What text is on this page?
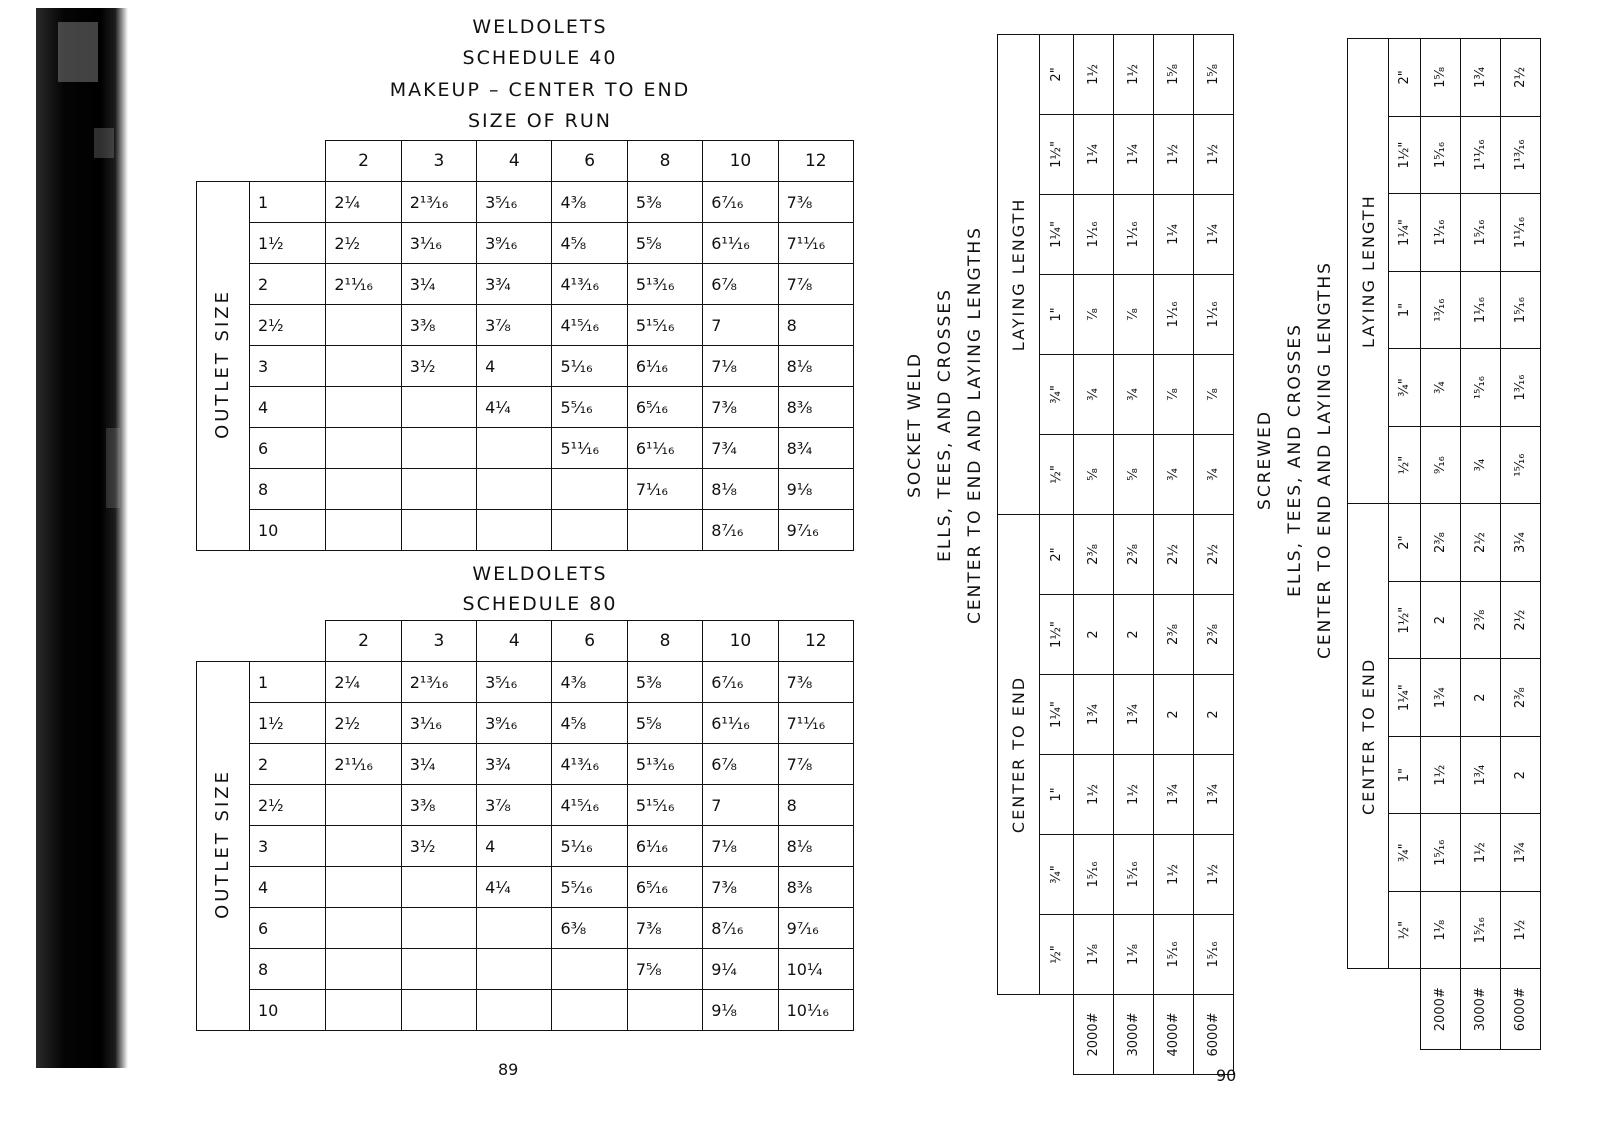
WELDOLETS
SCHEDULE 40
MAKEUP – CENTER TO END
SIZE OF RUN
		2	3	4	6	8	10	12
OUTLET SIZE	1	2¼	2¹³⁄₁₆	3⁵⁄₁₆	4³⁄₈	5³⁄₈	6⁷⁄₁₆	7³⁄₈
	1½	2½	3¹⁄₁₆	3⁹⁄₁₆	4⁵⁄₈	5⁵⁄₈	6¹¹⁄₁₆	7¹¹⁄₁₆
	2	2¹¹⁄₁₆	3¼	3¾	4¹³⁄₁₆	5¹³⁄₁₆	6⁷⁄₈	7⁷⁄₈
	2½		3³⁄₈	3⁷⁄₈	4¹⁵⁄₁₆	5¹⁵⁄₁₆	7	8
	3		3½	4	5¹⁄₁₆	6¹⁄₁₆	7¹⁄₈	8¹⁄₈
	4			4¼	5⁵⁄₁₆	6⁵⁄₁₆	7³⁄₈	8³⁄₈
	6				5¹¹⁄₁₆	6¹¹⁄₁₆	7¾	8¾
	8					7¹⁄₁₆	8¹⁄₈	9¹⁄₈
	10						8⁷⁄₁₆	9⁷⁄₁₆
WELDOLETS
SCHEDULE 80
		2	3	4	6	8	10	12
OUTLET SIZE	1	2¼	2¹³⁄₁₆	3⁵⁄₁₆	4³⁄₈	5³⁄₈	6⁷⁄₁₆	7³⁄₈
	1½	2½	3¹⁄₁₆	3⁹⁄₁₆	4⁵⁄₈	5⁵⁄₈	6¹¹⁄₁₆	7¹¹⁄₁₆
	2	2¹¹⁄₁₆	3¼	3¾	4¹³⁄₁₆	5¹³⁄₁₆	6⁷⁄₈	7⁷⁄₈
	2½		3³⁄₈	3⁷⁄₈	4¹⁵⁄₁₆	5¹⁵⁄₁₆	7	8
	3		3½	4	5¹⁄₁₆	6¹⁄₁₆	7¹⁄₈	8¹⁄₈
	4			4¼	5⁵⁄₁₆	6⁵⁄₁₆	7³⁄₈	8³⁄₈
	6				6³⁄₈	7³⁄₈	8⁷⁄₁₆	9⁷⁄₁₆
	8					7⁵⁄₈	9¼	10¼
	10						9¹⁄₈	10¹⁄₁₆
89
SOCKET WELD ELLS, TEES, AND CROSSES CENTER TO END AND LAYING LENGTHS
	CENTER TO END						LAYING LENGTH					
	½"	¾"	1"	1¼"	1½"	2"	½"	¾"	1"	1¼"	1½"	2"
2000#	1¹⁄₈	1⁵⁄₁₆	1½	1¾	2	2³⁄₈	⁵⁄₈	¾	⁷⁄₈	1¹⁄₁₆	1¼	1½
3000#	1¹⁄₈	1⁵⁄₁₆	1½	1¾	2	2³⁄₈	⁵⁄₈	¾	⁷⁄₈	1¹⁄₁₆	1¼	1½
4000#	1⁵⁄₁₆	1½	1¾	2	2³⁄₈	2½	¾	⁷⁄₈	1¹⁄₁₆	1¼	1½	1⁵⁄₈
6000#	1⁵⁄₁₆	1½	1¾	2	2³⁄₈	2½	¾	⁷⁄₈	1¹⁄₁₆	1¼	1½	1⁵⁄₈
90
SCREWED ELLS, TEES, AND CROSSES CENTER TO END AND LAYING LENGTHS
	CENTER TO END						LAYING LENGTH					
	½"	¾"	1"	1¼"	1½"	2"	½"	¾"	1"	1¼"	1½"	2"
2000#	1¹⁄₈	1⁵⁄₁₆	1½	1¾	2	2³⁄₈	⁹⁄₁₆	¾	¹³⁄₁₆	1¹⁄₁₆	1⁵⁄₁₆	1⁵⁄₈
3000#	1⁵⁄₁₆	1½	1¾	2	2³⁄₈	2½	¾	¹⁵⁄₁₆	1¹⁄₁₆	1⁵⁄₁₆	1¹¹⁄₁₆	1¾
6000#	1½	1¾	2	2³⁄₈	2½	3¼	¹⁵⁄₁₆	1³⁄₁₆	1⁵⁄₁₆	1¹¹⁄₁₆	1¹³⁄₁₆	2½
